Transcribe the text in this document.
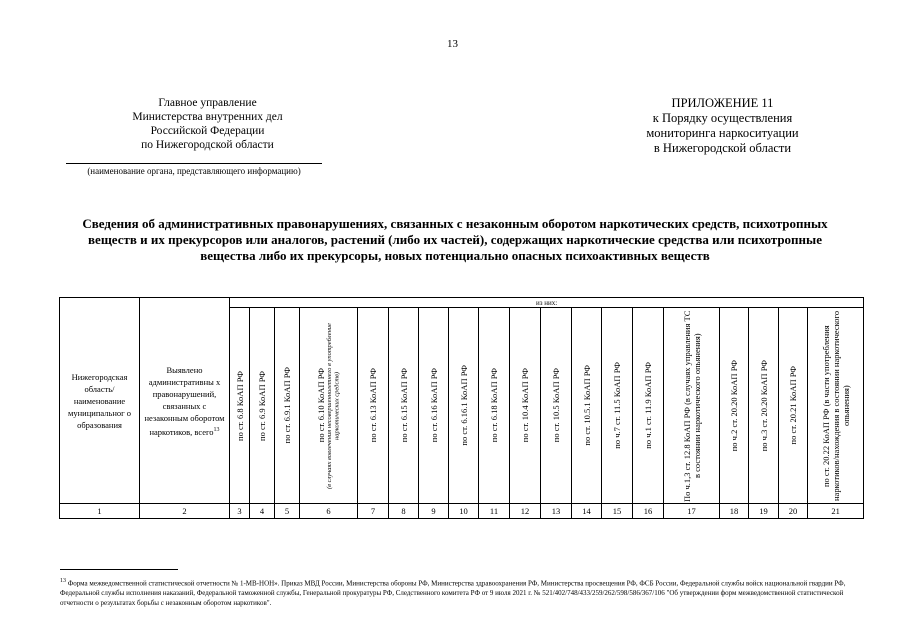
13
Главное управление
Министерства внутренних дел
Российской Федерации
по Нижегородской области
(наименование органа, представляющего информацию)
ПРИЛОЖЕНИЕ 11
к Порядку осуществления
мониторинга наркоситуации
в Нижегородской области
Сведения об административных правонарушениях, связанных с незаконным оборотом наркотических средств, психотропных веществ и их прекурсоров или аналогов, растений (либо их частей), содержащих наркотические средства или психотропные вещества либо их прекурсоры, новых потенциально опасных психоактивных веществ
Нижегородская область/ наименование муниципальног о образования	Выявлено административны х правонарушений, связанных с незаконным оборотом наркотиков, всего$^{13}$	из них:																		

		по ст. 6.8 КоАП РФ	по ст. 6.9 КоАП РФ	по ст. 6.9.1 КоАП РФ	по ст. 6.10 КоАП РФ (в случаях вовлечения несовершеннолетнего в употребление наркотических средств)	по ст. 6.13 КоАП РФ	по ст. 6.15 КоАП РФ	по ст. 6.16 КоАП РФ	по ст. 6.16.1 КоАП РФ	по ст. 6.18 КоАП РФ	по ст. 10.4 КоАП РФ	по ст. 10.5 КоАП РФ	по ст. 10.5.1 КоАП РФ	по ч.7 ст. 11.5 КоАП РФ	по ч.1 ст. 11.9 КоАП РФ	По ч.1,3 ст. 12.8 КоАП РФ (в случаях управления ТС в состоянии наркотического опьянения)	по ч.2 ст. 20.20 КоАП РФ	по ч.3 ст. 20.20 КоАП РФ	по ст. 20.21 КоАП РФ	по ст. 20.22 КоАП РФ (в части употребления наркотиков/нахождения в состоянии наркотического опьянения)

1	2	3	4	5	6	7	8	9	10	11	12	13	14	15	16	17	18	19	20	21
$^{13}$ Форма межведомственной статистической отчетности № 1-МВ-НОН». Приказ МВД России, Министерства обороны РФ, Министерства здравоохранения РФ, Министерства просвещения РФ, ФСБ России, Федеральной службы войск национальной гвардии РФ, Федеральной службы исполнения наказаний, Федеральной таможенной службы, Генеральной прокуратуры РФ, Следственного комитета РФ от 9 июля 2021 г. № 521/402/748/433/259/262/598/586/367/106 "Об утверждении форм межведомственной статистической отчетности о результатах борьбы с незаконным оборотом наркотиков".
